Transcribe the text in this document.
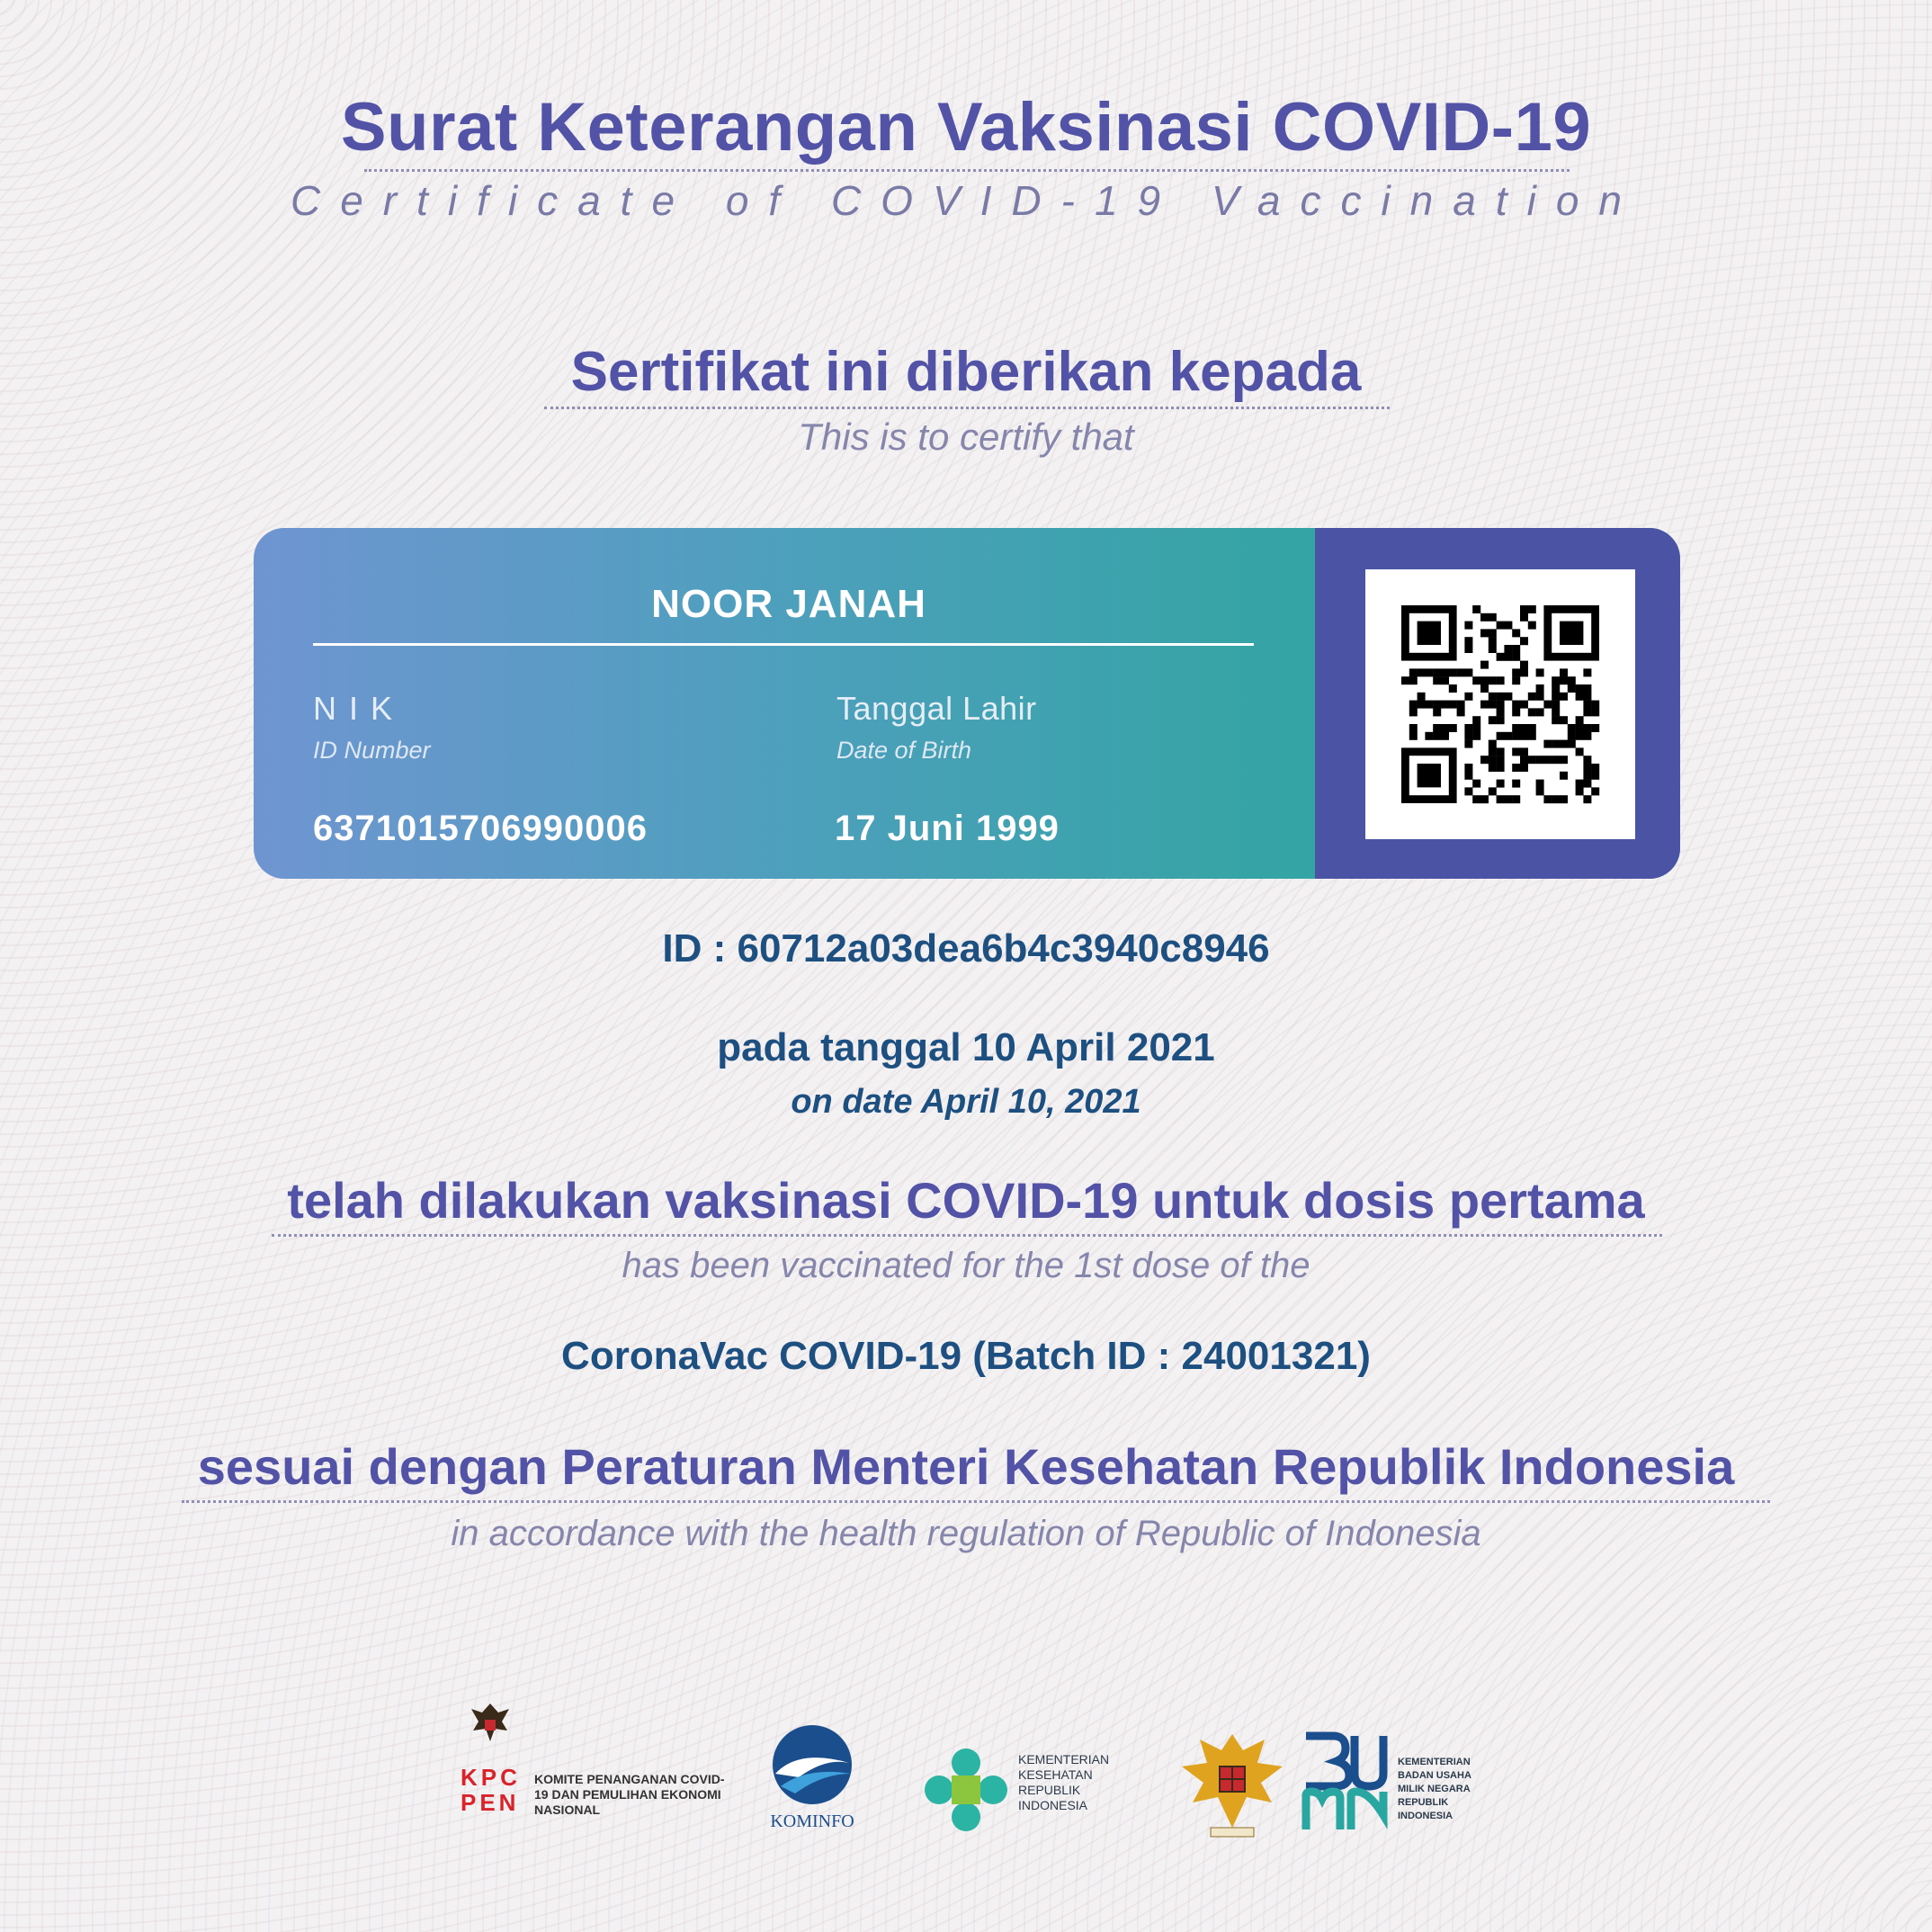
Surat Keterangan Vaksinasi COVID-19
Certificate of COVID-19 Vaccination
Sertifikat ini diberikan kepada
This is to certify that
NOOR JANAH
N I K
ID Number
6371015706990006
Tanggal Lahir
Date of Birth
17 Juni 1999
ID : 60712a03dea6b4c3940c8946
pada tanggal 10 April 2021
on date April 10, 2021
telah dilakukan vaksinasi COVID-19 untuk dosis pertama
has been vaccinated for the 1st dose of the
CoronaVac COVID-19 (Batch ID : 24001321)
sesuai dengan Peraturan Menteri Kesehatan Republik Indonesia
in accordance with the health regulation of Republic of Indonesia
KPC
PEN
KOMITE PENANGANAN COVID-19 DAN PEMULIHAN EKONOMI NASIONAL
KOMINFO
KEMENTERIAN KESEHATAN REPUBLIK INDONESIA
KEMENTERIAN BADAN USAHA MILIK NEGARA REPUBLIK INDONESIA
